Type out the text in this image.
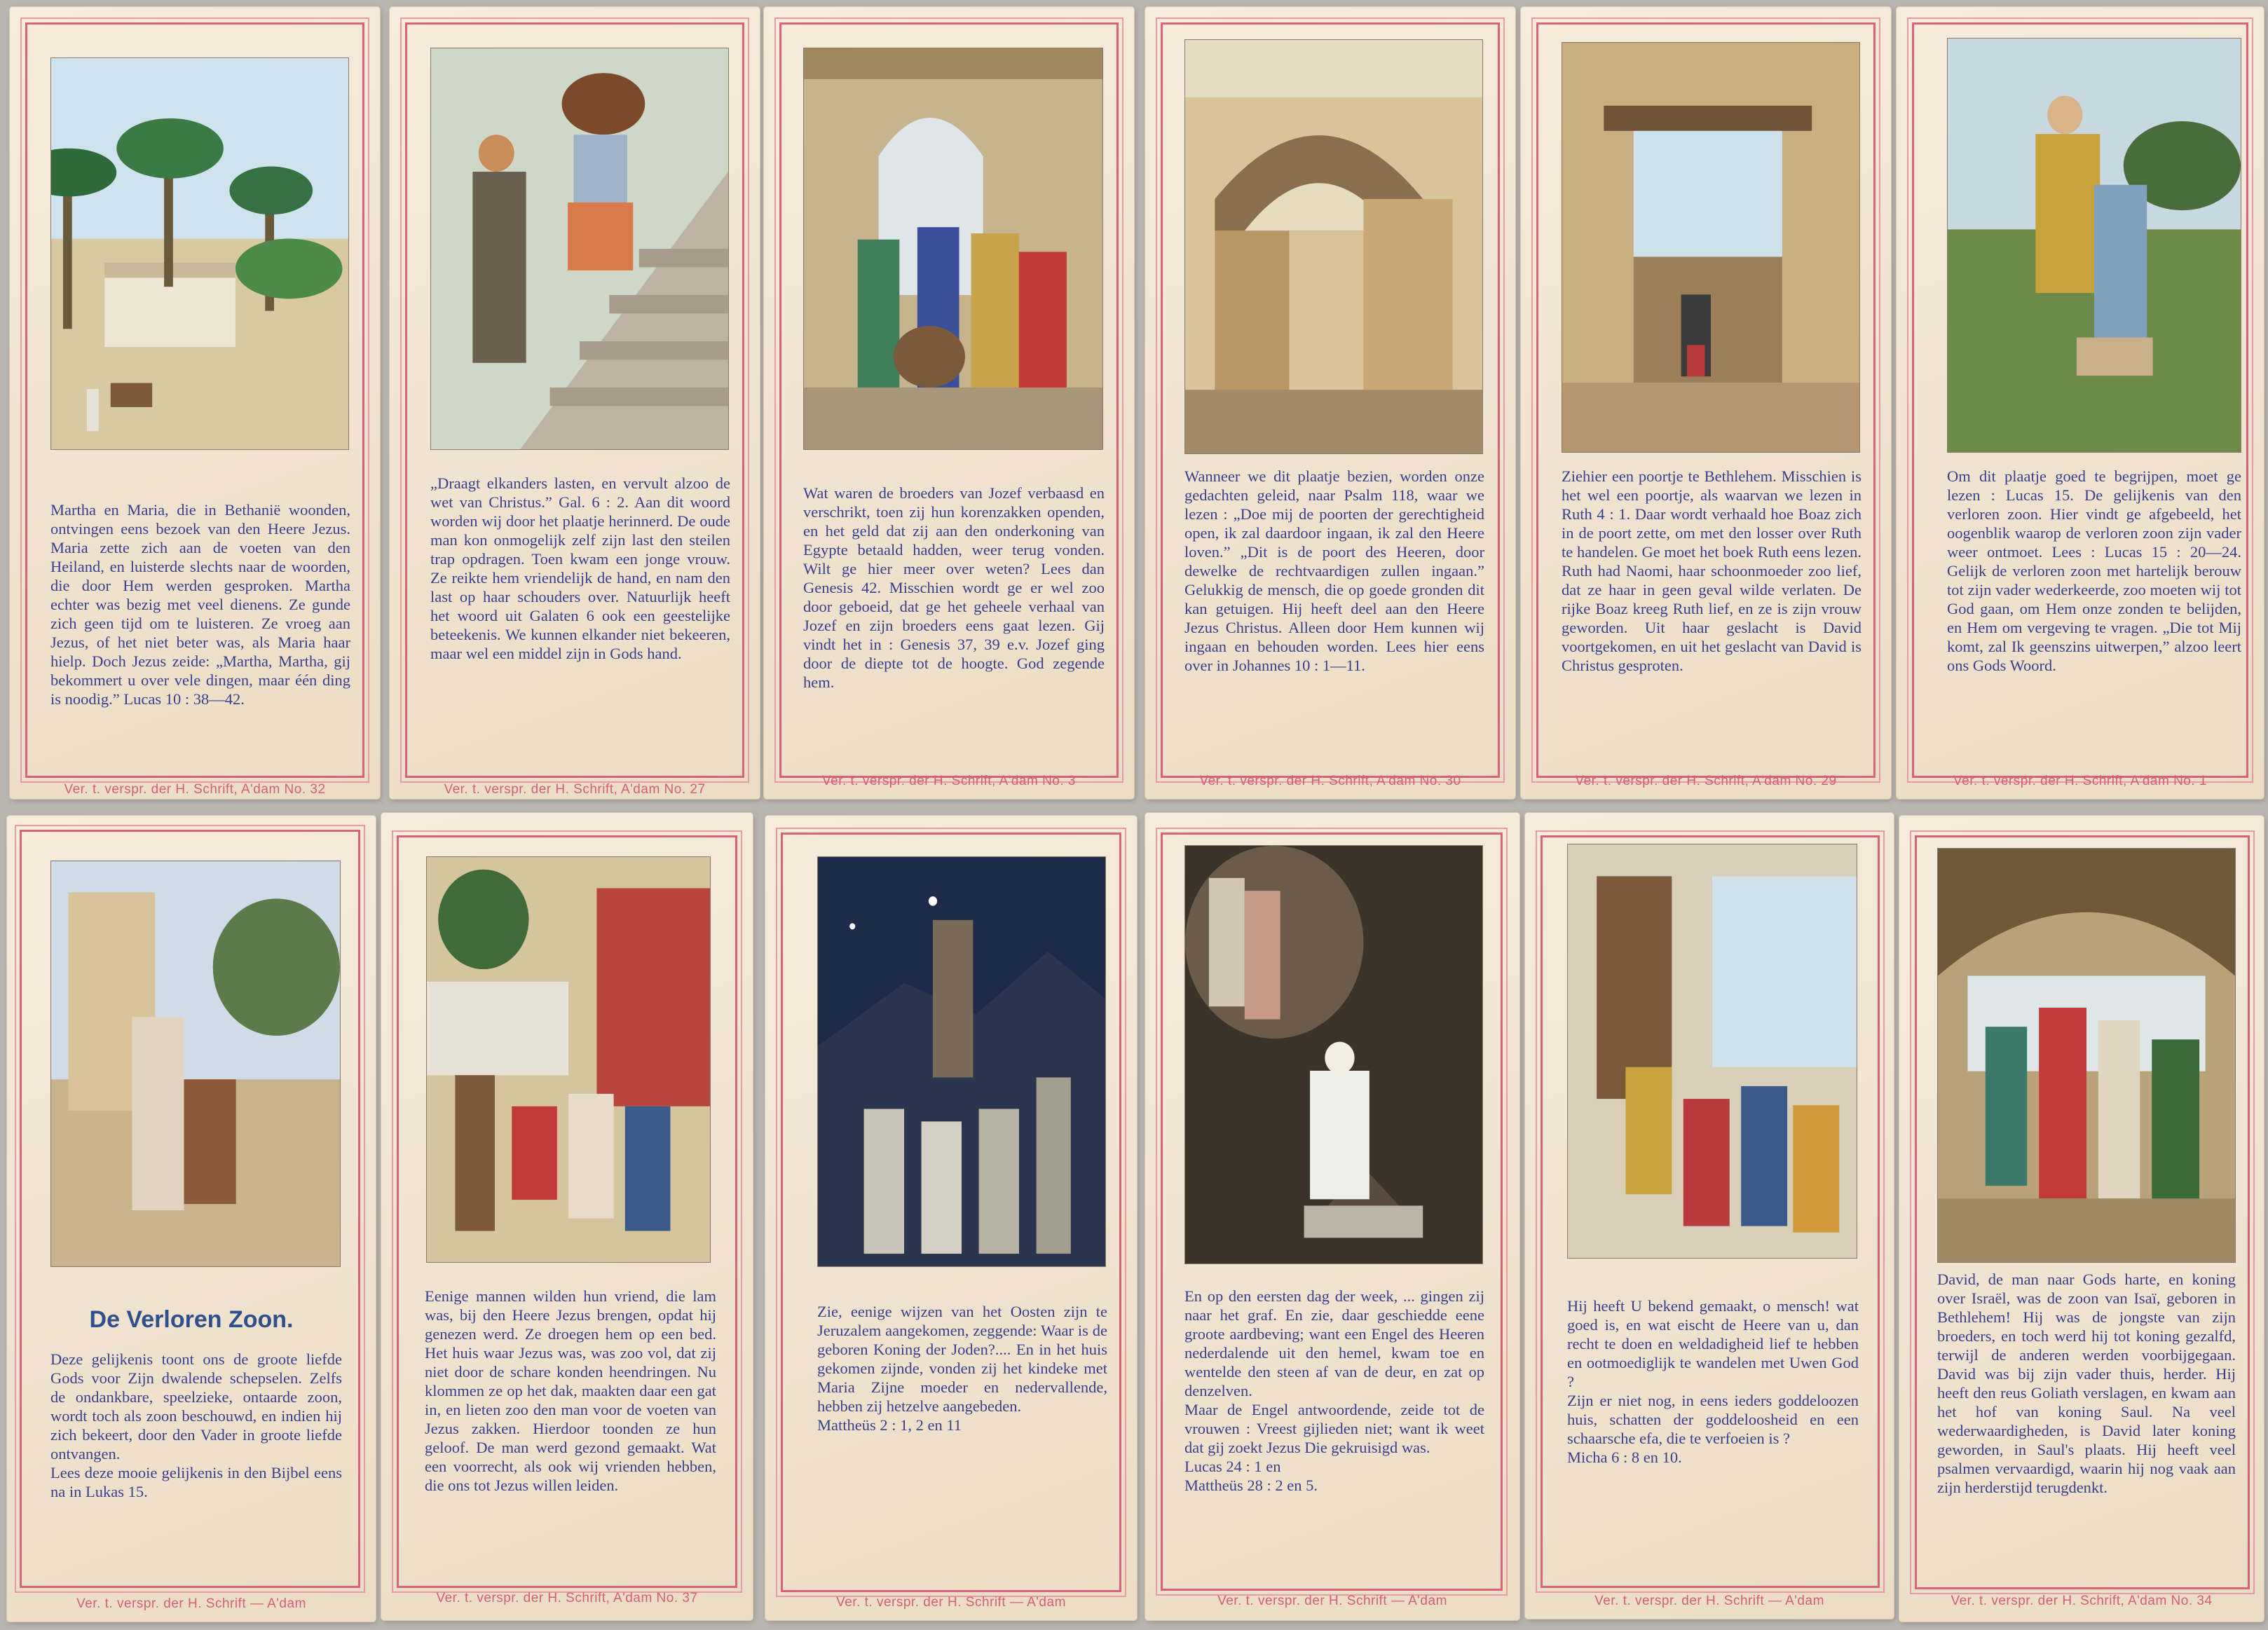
Martha en Maria, die in Bethanië woonden, ontvingen eens bezoek van den Heere Jezus. Maria zette zich aan de voeten van den Heiland, en luisterde slechts naar de woorden, die door Hem werden gesproken. Martha echter was bezig met veel dienens. Ze gunde zich geen tijd om te luisteren. Ze vroeg aan Jezus, of het niet beter was, als Maria haar hielp. Doch Jezus zeide: „Martha, Martha, gij bekommert u over vele dingen, maar één ding is noodig.” Lucas 10 : 38—42.

Ver. t. verspr. der H. Schrift, A'dam No. 32

„Draagt elkanders lasten, en vervult alzoo de wet van Christus.” Gal. 6 : 2. Aan dit woord worden wij door het plaatje herinnerd. De oude man kon onmogelijk zelf zijn last den steilen trap opdragen. Toen kwam een jonge vrouw. Ze reikte hem vriendelijk de hand, en nam den last op haar schouders over. Natuurlijk heeft het woord uit Galaten 6 ook een geestelijke beteekenis. We kunnen elkander niet bekeeren, maar wel een middel zijn in Gods hand.

Ver. t. verspr. der H. Schrift, A'dam No. 27

Wat waren de broeders van Jozef verbaasd en verschrikt, toen zij hun korenzakken openden, en het geld dat zij aan den onderkoning van Egypte betaald hadden, weer terug vonden. Wilt ge hier meer over weten? Lees dan Genesis 42. Misschien wordt ge er wel zoo door geboeid, dat ge het geheele verhaal van Jozef en zijn broeders eens gaat lezen. Gij vindt het in : Genesis 37, 39 e.v. Jozef ging door de diepte tot de hoogte. God zegende hem.

Ver. t. verspr. der H. Schrift, A'dam No. 3

Wanneer we dit plaatje bezien, worden onze gedachten geleid, naar Psalm 118, waar we lezen : „Doe mij de poorten der gerechtigheid open, ik zal daardoor ingaan, ik zal den Heere loven.” „Dit is de poort des Heeren, door dewelke de rechtvaardigen zullen ingaan.” Gelukkig de mensch, die op goede gronden dit kan getuigen. Hij heeft deel aan den Heere Jezus Christus. Alleen door Hem kunnen wij ingaan en behouden worden. Lees hier eens over in Johannes 10 : 1—11.

Ver. t. verspr. der H. Schrift, A'dam No. 30

Ziehier een poortje te Bethlehem. Misschien is het wel een poortje, als waarvan we lezen in Ruth 4 : 1. Daar wordt verhaald hoe Boaz zich in de poort zette, om met den losser over Ruth te handelen. Ge moet het boek Ruth eens lezen. Ruth had Naomi, haar schoonmoeder zoo lief, dat ze haar in geen geval wilde verlaten. De rijke Boaz kreeg Ruth lief, en ze is zijn vrouw geworden. Uit haar geslacht is David voortgekomen, en uit het geslacht van David is Christus gesproten.

Ver. t. verspr. der H. Schrift, A'dam No. 29

Om dit plaatje goed te begrijpen, moet ge lezen : Lucas 15. De gelijkenis van den verloren zoon. Hier vindt ge afgebeeld, het oogenblik waarop de verloren zoon zijn vader weer ontmoet. Lees : Lucas 15 : 20—24. Gelijk de verloren zoon met hartelijk berouw tot zijn vader wederkeerde, zoo moeten wij tot God gaan, om Hem onze zonden te belijden, en Hem om vergeving te vragen. „Die tot Mij komt, zal Ik geenszins uitwerpen,” alzoo leert ons Gods Woord.

Ver. t. verspr. der H. Schrift, A'dam No. 1
De Verloren Zoon.

Deze gelijkenis toont ons de groote liefde Gods voor Zijn dwalende schepselen. Zelfs de ondankbare, speelzieke, ontaarde zoon, wordt toch als zoon beschouwd, en indien hij zich bekeert, door den Vader in groote liefde ontvangen.
Lees deze mooie gelijkenis in den Bijbel eens na in Lukas 15.

Ver. t. verspr. der H. Schrift — A'dam

Eenige mannen wilden hun vriend, die lam was, bij den Heere Jezus brengen, opdat hij genezen werd. Ze droegen hem op een bed. Het huis waar Jezus was, was zoo vol, dat zij niet door de schare konden heendringen. Nu klommen ze op het dak, maakten daar een gat in, en lieten zoo den man voor de voeten van Jezus zakken. Hierdoor toonden ze hun geloof. De man werd gezond gemaakt. Wat een voorrecht, als ook wij vrienden hebben, die ons tot Jezus willen leiden.

Ver. t. verspr. der H. Schrift, A'dam No. 37

Zie, eenige wijzen van het Oosten zijn te Jeruzalem aangekomen, zeggende: Waar is de geboren Koning der Joden?.... En in het huis gekomen zijnde, vonden zij het kindeke met Maria Zijne moeder en nedervallende, hebben zij hetzelve aangebeden.
Mattheüs 2 : 1, 2 en 11

Ver. t. verspr. der H. Schrift — A'dam

En op den eersten dag der week, ... gingen zij naar het graf. En zie, daar geschiedde eene groote aardbeving; want een Engel des Heeren nederdalende uit den hemel, kwam toe en wentelde den steen af van de deur, en zat op denzelven.
Maar de Engel antwoordende, zeide tot de vrouwen : Vreest gijlieden niet; want ik weet dat gij zoekt Jezus Die gekruisigd was.
Lucas 24 : 1 en
Mattheüs 28 : 2 en 5.

Ver. t. verspr. der H. Schrift — A'dam

Hij heeft U bekend gemaakt, o mensch! wat goed is, en wat eischt de Heere van u, dan recht te doen en weldadigheid lief te hebben en ootmoediglijk te wandelen met Uwen God ?
Zijn er niet nog, in eens ieders goddeloozen huis, schatten der goddeloosheid en een schaarsche efa, die te verfoeien is ?
Micha 6 : 8 en 10.

Ver. t. verspr. der H. Schrift — A'dam

David, de man naar Gods harte, en koning over Israël, was de zoon van Isaï, geboren in Bethlehem! Hij was de jongste van zijn broeders, en toch werd hij tot koning gezalfd, terwijl de anderen werden voorbijgegaan. David was bij zijn vader thuis, herder. Hij heeft den reus Goliath verslagen, en kwam aan het hof van koning Saul. Na veel wederwaardigheden, is David later koning geworden, in Saul's plaats. Hij heeft veel psalmen vervaardigd, waarin hij nog vaak aan zijn herderstijd terugdenkt.

Ver. t. verspr. der H. Schrift, A'dam No. 34
